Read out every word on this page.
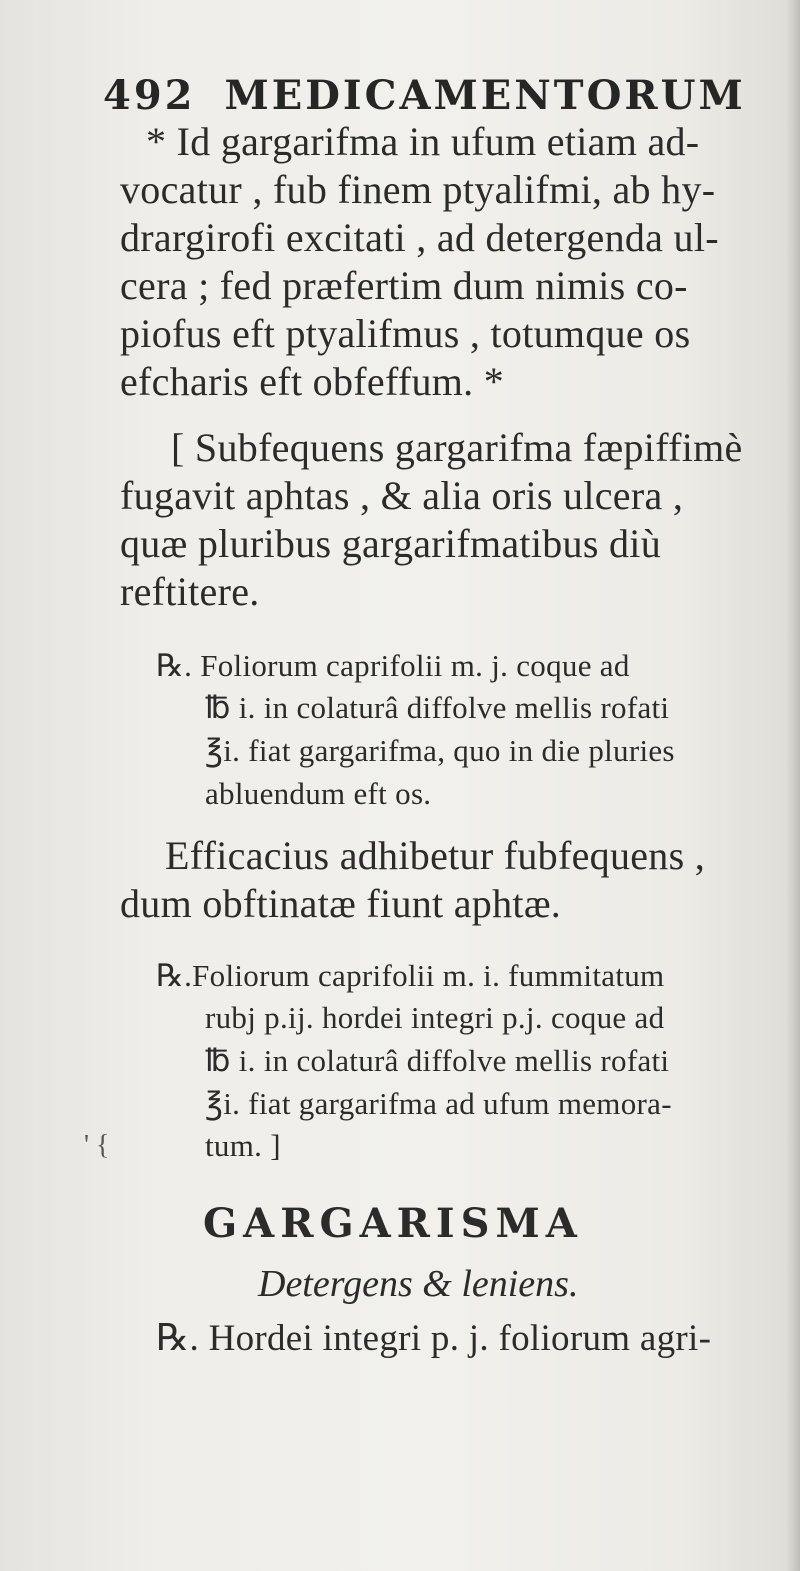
492 MEDICAMENTORUM
* Id gargarifma in ufum etiam ad-
vocatur , fub finem ptyalifmi, ab hy-
drargirofi excitati , ad detergenda ul-
cera ; fed præfertim dum nimis co-
piofus eft ptyalifmus , totumque os
efcharis eft obfeffum. *
[ Subfequens gargarifma fæpiffimè
fugavit aphtas , & alia oris ulcera ,
quæ pluribus gargarifmatibus diù
reftitere.
℞. Foliorum caprifolii m. j. coque ad
℔ i. in colaturâ diffolve mellis rofati
℥i. fiat gargarifma, quo in die pluries
abluendum eft os.
Efficacius adhibetur fubfequens ,
dum obftinatæ fiunt aphtæ.
℞.Foliorum caprifolii m. i. fummitatum
rubj p.ij. hordei integri p.j. coque ad
℔ i. in colaturâ diffolve mellis rofati
℥i. fiat gargarifma ad ufum memora-
tum. ]
' {
GARGARISMA
Detergens & leniens.
℞. Hordei integri p. j. foliorum agri-
